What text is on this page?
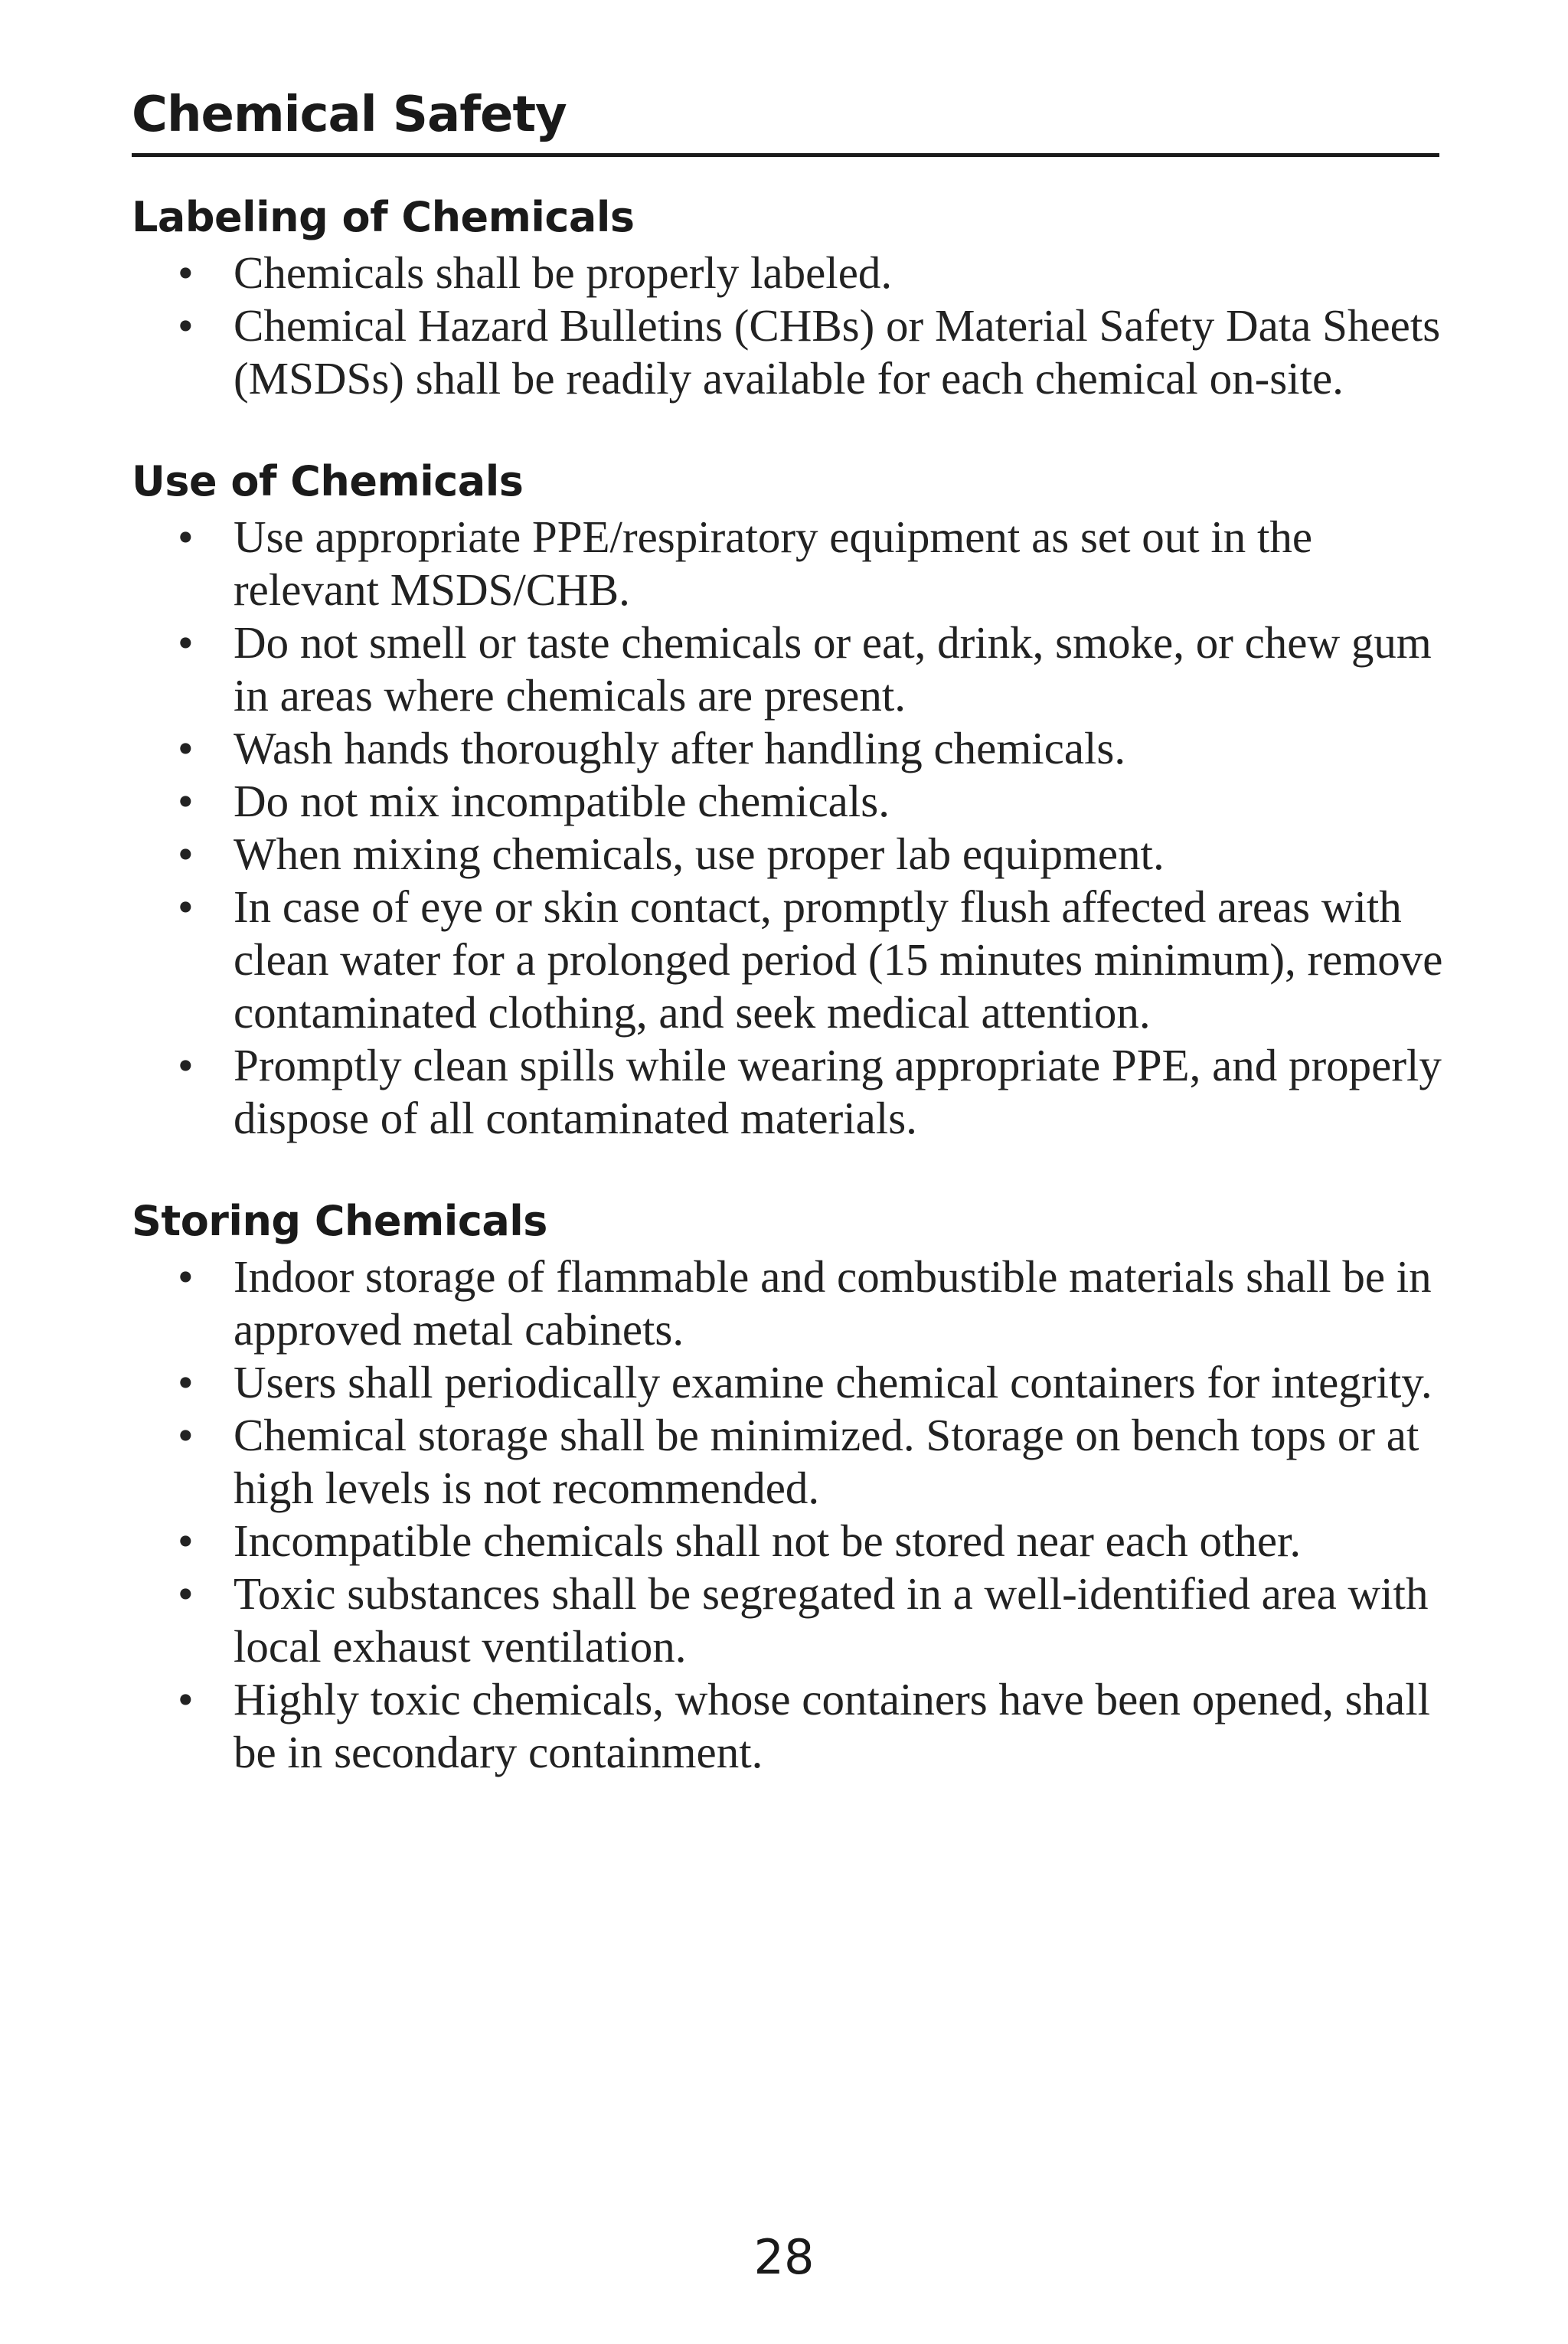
Chemical Safety
Labeling of Chemicals
• Chemicals shall be properly labeled.
• Chemical Hazard Bulletins (CHBs) or Material Safety Data Sheets (MSDSs) shall be readily available for each chemical on-site.
Use of Chemicals
• Use appropriate PPE/respiratory equipment as set out in the relevant MSDS/CHB.
• Do not smell or taste chemicals or eat, drink, smoke, or chew gum in areas where chemicals are present.
• Wash hands thoroughly after handling chemicals.
• Do not mix incompatible chemicals.
• When mixing chemicals, use proper lab equipment.
• In case of eye or skin contact, promptly flush affected areas with clean water for a prolonged period (15 minutes minimum), remove contaminated clothing, and seek medical attention.
• Promptly clean spills while wearing appropriate PPE, and properly dispose of all contaminated materials.
Storing Chemicals
• Indoor storage of flammable and combustible materials shall be in approved metal cabinets.
• Users shall periodically examine chemical containers for integrity.
• Chemical storage shall be minimized. Storage on bench tops or at high levels is not recommended.
• Incompatible chemicals shall not be stored near each other.
• Toxic substances shall be segregated in a well-identified area with local exhaust ventilation.
• Highly toxic chemicals, whose containers have been opened, shall be in secondary containment.
28
